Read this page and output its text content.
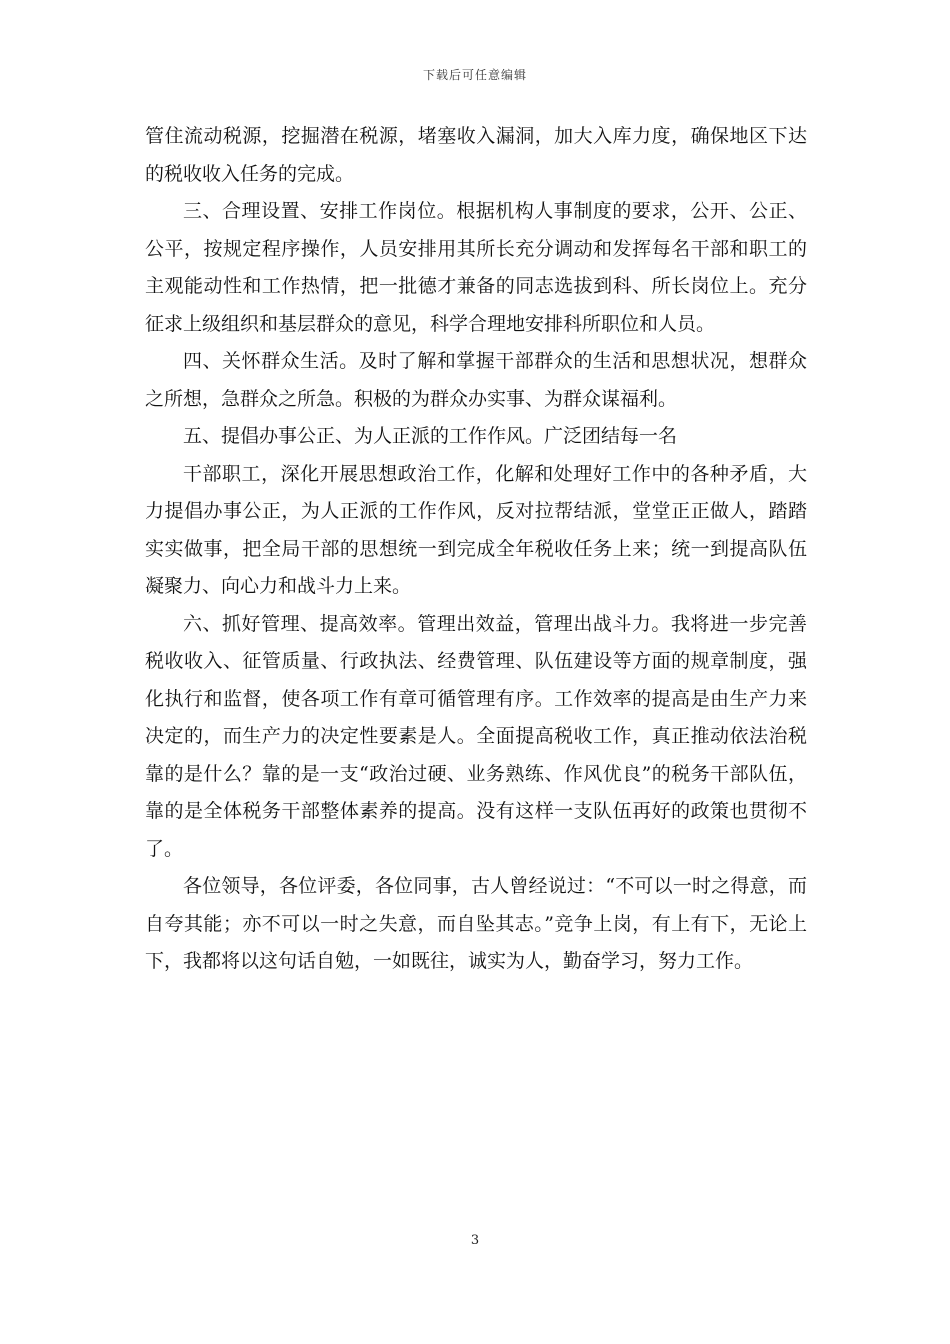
下载后可任意编辑

管住流动税源，挖掘潜在税源，堵塞收入漏洞，加大入库力度，确保地区下达的税收收入任务的完成。

三、合理设置、安排工作岗位。根据机构人事制度的要求，公开、公正、公平，按规定程序操作，人员安排用其所长充分调动和发挥每名干部和职工的主观能动性和工作热情，把一批德才兼备的同志选拔到科、所长岗位上。充分征求上级组织和基层群众的意见，科学合理地安排科所职位和人员。

四、关怀群众生活。及时了解和掌握干部群众的生活和思想状况，想群众之所想，急群众之所急。积极的为群众办实事、为群众谋福利。

五、提倡办事公正、为人正派的工作作风。广泛团结每一名

干部职工，深化开展思想政治工作，化解和处理好工作中的各种矛盾，大力提倡办事公正，为人正派的工作作风，反对拉帮结派，堂堂正正做人，踏踏实实做事，把全局干部的思想统一到完成全年税收任务上来；统一到提高队伍凝聚力、向心力和战斗力上来。

六、抓好管理、提高效率。管理出效益，管理出战斗力。我将进一步完善税收收入、征管质量、行政执法、经费管理、队伍建设等方面的规章制度，强化执行和监督，使各项工作有章可循管理有序。工作效率的提高是由生产力来决定的，而生产力的决定性要素是人。全面提高税收工作，真正推动依法治税靠的是什么？靠的是一支“政治过硬、业务熟练、作风优良”的税务干部队伍，靠的是全体税务干部整体素养的提高。没有这样一支队伍再好的政策也贯彻不了。

各位领导，各位评委，各位同事，古人曾经说过：“不可以一时之得意，而自夸其能；亦不可以一时之失意，而自坠其志。”竞争上岗，有上有下，无论上下，我都将以这句话自勉，一如既往，诚实为人，勤奋学习，努力工作。

3
